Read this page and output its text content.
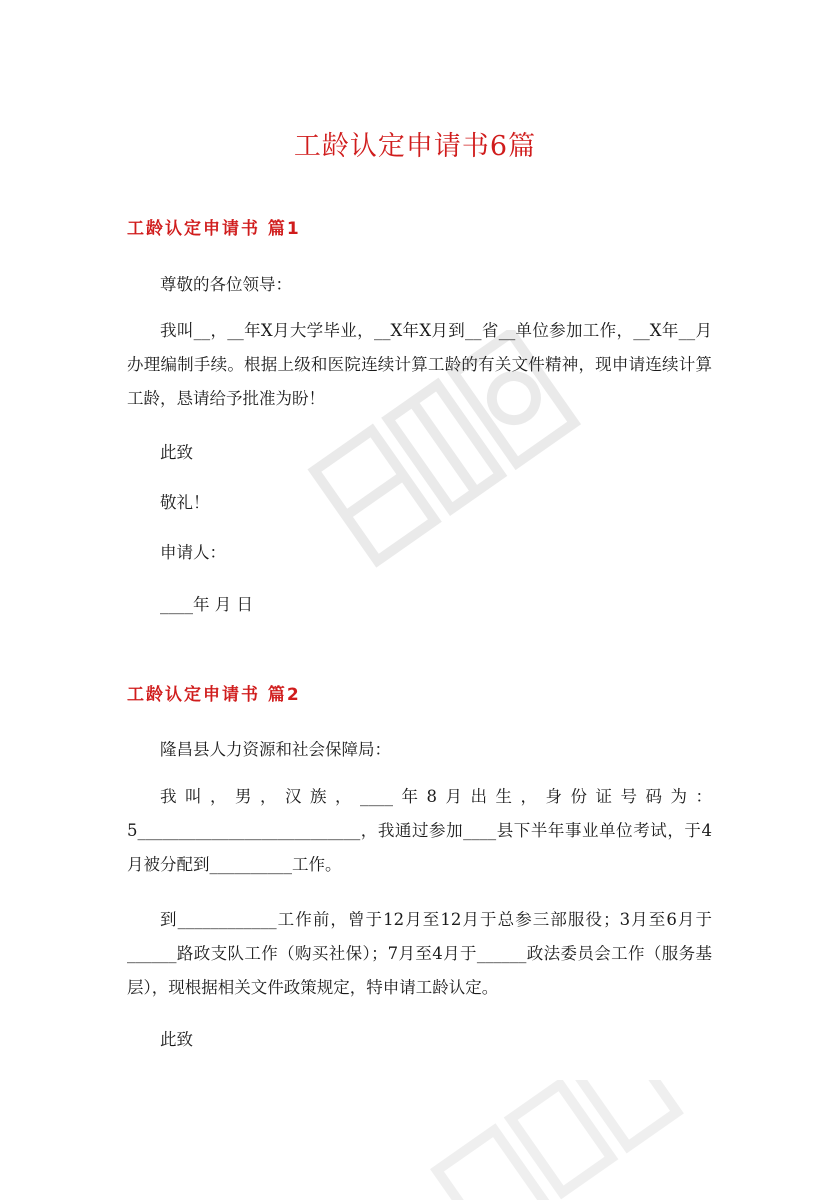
工龄认定申请书6篇
工龄认定申请书 篇1

尊敬的各位领导：

我叫__，__年X月大学毕业，__X年X月到__省__单位参加工作，__X年__月办理编制手续。根据上级和医院连续计算工龄的有关文件精神，现申请连续计算工龄，恳请给予批准为盼！

此致

敬礼！

申请人：

____年 月 日

工龄认定申请书 篇2

隆昌县人力资源和社会保障局：

我叫，男，汉族，____年8月出生，身份证号码为：5___________________________，我通过参加____县下半年事业单位考试，于4月被分配到__________工作。

到____________工作前，曾于12月至12月于总参三部服役；3月至6月于______路政支队工作（购买社保）；7月至4月于______政法委员会工作（服务基层），现根据相关文件政策规定，特申请工龄认定。

此致
